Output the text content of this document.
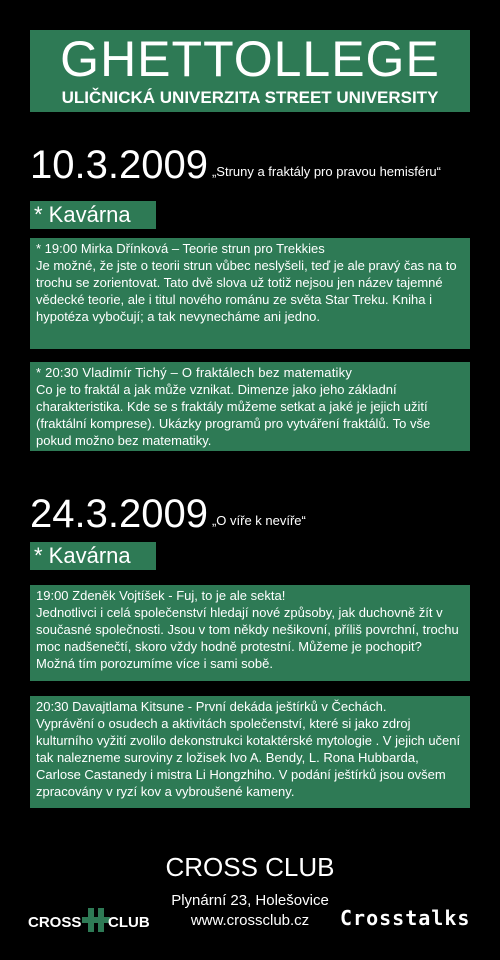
GHETTOLLEGE
ULIČNICKÁ UNIVERZITA STREET UNIVERSITY
10.3.2009 „Struny a fraktály pro pravou hemisféru“
* Kavárna

* 19:00 Mirka Dřínková – Teorie strun pro Trekkies

Je možné, že jste o teorii strun vůbec neslyšeli, teď je ale pravý čas na to trochu se zorientovat. Tato dvě slova už totiž nejsou jen název tajemné vědecké teorie, ale i titul nového románu ze světa Star Treku. Kniha i hypotéza vybočují; a tak nevynecháme ani jedno.

* 20:30 Vladimír Tichý – O fraktálech bez matematiky

Co je to fraktál a jak může vznikat. Dimenze jako jeho základní charakteristika. Kde se s fraktály můžeme setkat a jaké je jejich užití (fraktální komprese). Ukázky programů pro vytváření fraktálů. To vše pokud možno bez matematiky.

24.3.2009 „O víře k nevíře“
* Kavárna

19:00 Zdeněk Vojtíšek - Fuj, to je ale sekta!

Jednotlivci i celá společenství hledají nové způsoby, jak duchovně žít v současné společnosti. Jsou v tom někdy nešikovní, příliš povrchní, trochu moc nadšenečtí, skoro vždy hodně protestní. Můžeme je pochopit? Možná tím porozumíme více i sami sobě.

20:30 Davajtlama Kitsune - První dekáda ještírků v Čechách.

Vyprávění o osudech a aktivitách společenství, které si jako zdroj kulturního vyžití zvolilo dekonstrukci kotaktérské mytologie . V jejich učení tak nalezneme suroviny z ložisek Ivo A. Bendy, L. Rona Hubbarda, Carlose Castanedy i mistra Li Hongzhiho. V podání ještírků jsou ovšem zpracovány v ryzí kov a vybroušené kameny.

CROSS CLUB
Plynární 23, Holešovice
www.crossclub.cz
CROSS CLUB	Crosstalks
